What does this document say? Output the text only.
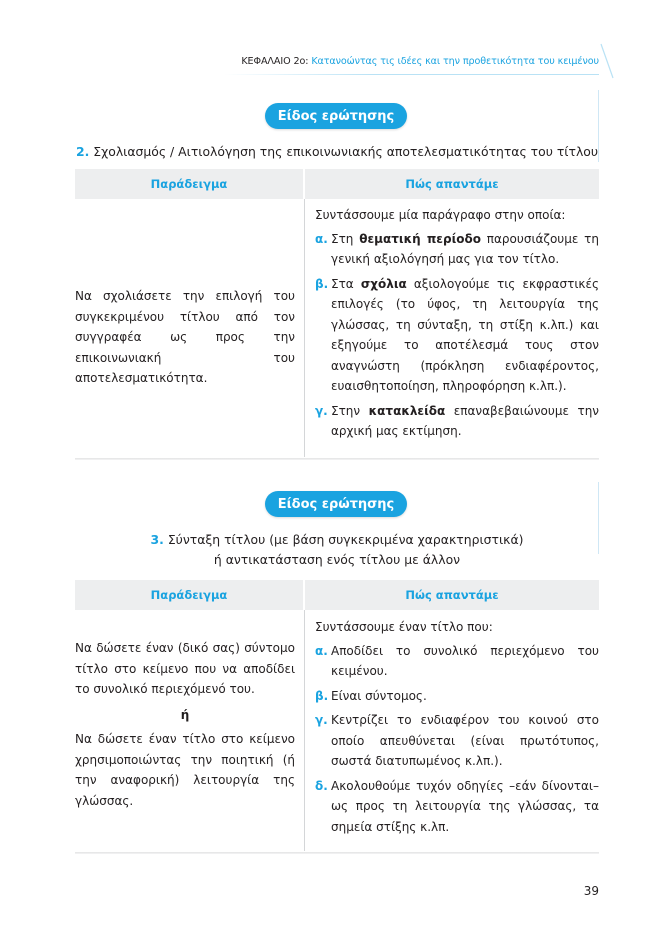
ΚΕΦΑΛΑΙΟ 2ο: Κατανοώντας τις ιδέες και την προθετικότητα του κειμένου
Είδος ερώτησης
2. Σχολιασμός / Αιτιολόγηση της επικοινωνιακής αποτελεσματικότητας του τίτλου
Παράδειγμα	Πώς απαντάμε

Να σχολιάσετε την επιλογή του συγκεκριμένου τίτλου από τον συγγραφέα ως προς την επικοινωνιακή του αποτελεσματικότητα.

Συντάσσουμε μία παράγραφο στην οποία:

α. Στη θεματική περίοδο παρουσιάζουμε τη γενική αξιολόγησή μας για τον τίτλο.
β. Στα σχόλια αξιολογούμε τις εκφραστικές επιλογές (το ύφος, τη λειτουργία της γλώσσας, τη σύνταξη, τη στίξη κ.λπ.) και εξηγούμε το αποτέλεσμά τους στον αναγνώστη (πρόκληση ενδιαφέροντος, ευαισθητοποίηση, πληροφόρηση κ.λπ.).
γ. Στην κατακλείδα επαναβεβαιώνουμε την αρχική μας εκτίμηση.
Είδος ερώτησης
3. Σύνταξη τίτλου (με βάση συγκεκριμένα χαρακτηριστικά)
ή αντικατάσταση ενός τίτλου με άλλον
Παράδειγμα	Πώς απαντάμε

Να δώσετε έναν (δικό σας) σύντομο τίτλο στο κείμενο που να αποδίδει το συνολικό περιεχόμενό του.

ή

Να δώσετε έναν τίτλο στο κείμενο χρησιμοποιώντας την ποιητική (ή την αναφορική) λειτουργία της γλώσσας.

Συντάσσουμε έναν τίτλο που:

α. Αποδίδει το συνολικό περιεχόμενο του κειμένου.
β. Είναι σύντομος.
γ. Κεντρίζει το ενδιαφέρον του κοινού στο οποίο απευθύνεται (είναι πρωτότυπος, σωστά διατυπωμένος κ.λπ.).
δ. Ακολουθούμε τυχόν οδηγίες –εάν δίνονται– ως προς τη λειτουργία της γλώσσας, τα σημεία στίξης κ.λπ.
39
